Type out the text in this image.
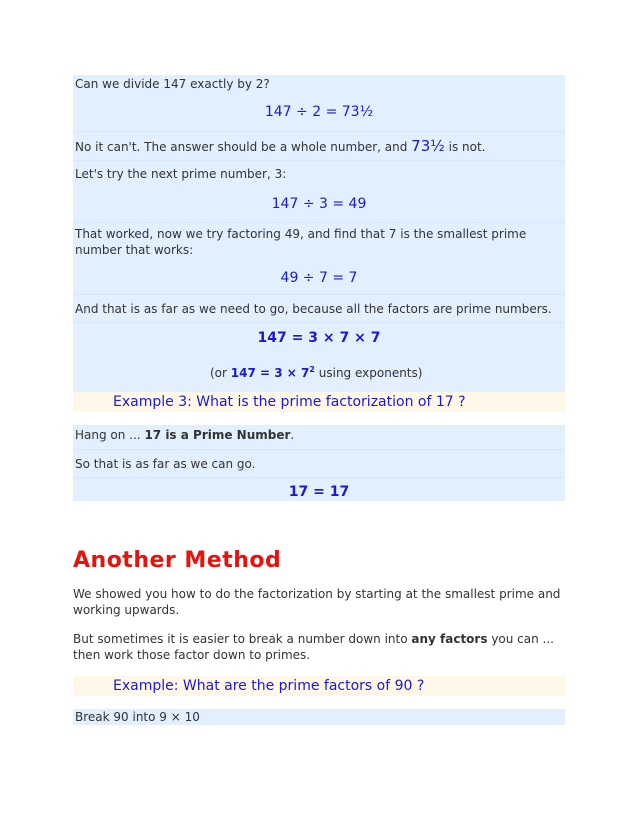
Can we divide 147 exactly by 2?
147 ÷ 2 = 73½
No it can't. The answer should be a whole number, and 73½ is not.
Let's try the next prime number, 3:
147 ÷ 3 = 49
That worked, now we try factoring 49, and find that 7 is the smallest prime number that works:
49 ÷ 7 = 7
And that is as far as we need to go, because all the factors are prime numbers.
147 = 3 × 7 × 7
(or $147 = 3 \times 7^2$ using exponents)
Example 3: What is the prime factorization of 17 ?
Hang on ... 17 is a Prime Number.
So that is as far as we can go.
17 = 17
Another Method
We showed you how to do the factorization by starting at the smallest prime and working upwards.
But sometimes it is easier to break a number down into any factors you can ... then work those factor down to primes.
Example: What are the prime factors of 90 ?
Break 90 into 9 × 10
